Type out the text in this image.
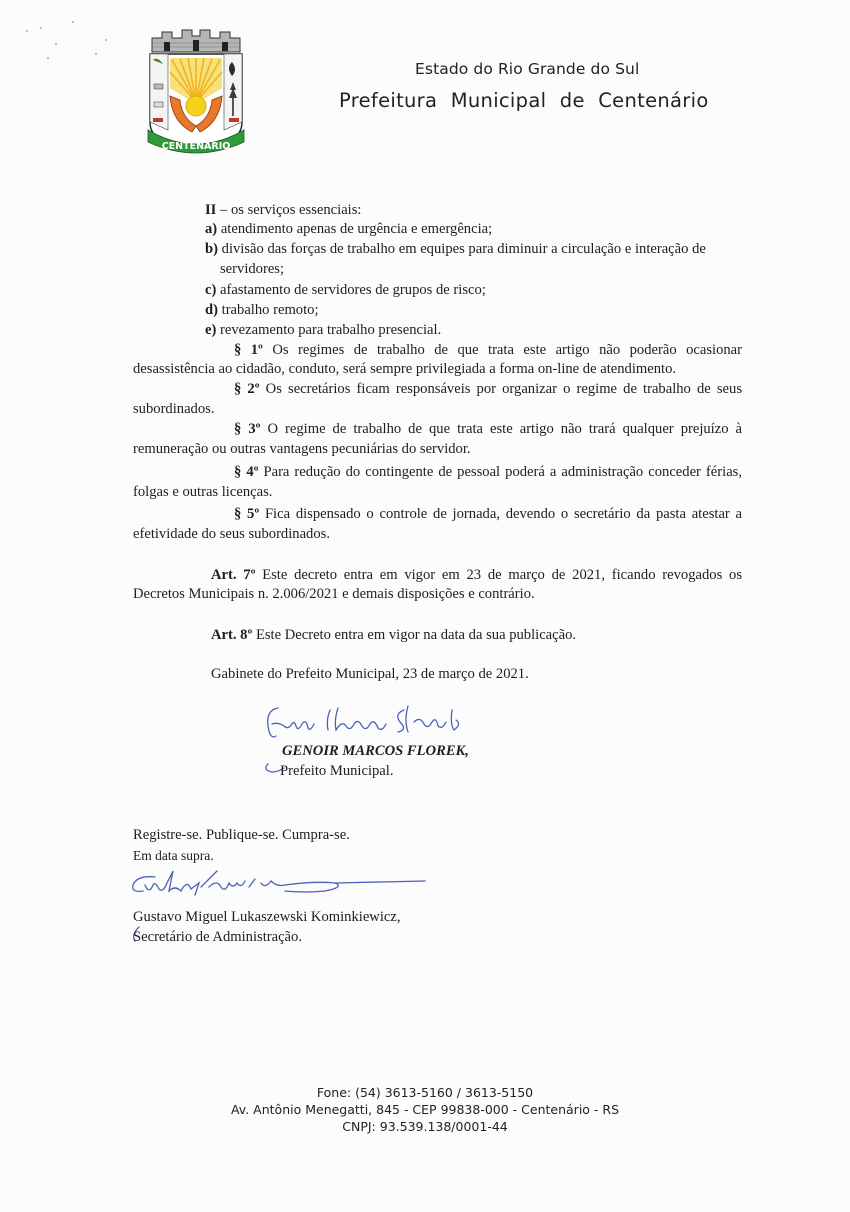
CENTENÁRIO
Estado do Rio Grande do Sul
Prefeitura Municipal de Centenário
II – os serviços essenciais:
a) atendimento apenas de urgência e emergência;
b) divisão das forças de trabalho em equipes para diminuir a circulação e interação de
servidores;
c) afastamento de servidores de grupos de risco;
d) trabalho remoto;
e) revezamento para trabalho presencial.
§ 1º Os regimes de trabalho de que trata este artigo não poderão ocasionar
desassistência ao cidadão, conduto, será sempre privilegiada a forma on-line de atendimento.
§ 2º Os secretários ficam responsáveis por organizar o regime de trabalho de seus
subordinados.
§ 3º O regime de trabalho de que trata este artigo não trará qualquer prejuízo à
remuneração ou outras vantagens pecuniárias do servidor.
§ 4º Para redução do contingente de pessoal poderá a administração conceder férias,
folgas e outras licenças.
§ 5º Fica dispensado o controle de jornada, devendo o secretário da pasta atestar a
efetividade do seus subordinados.
Art. 7º Este decreto entra em vigor em 23 de março de 2021, ficando revogados os
Decretos Municipais n. 2.006/2021 e demais disposições e contrário.
Art. 8º Este Decreto entra em vigor na data da sua publicação.
Gabinete do Prefeito Municipal, 23 de março de 2021.
GENOIR MARCOS FLOREK,
Prefeito Municipal.
Registre-se. Publique-se. Cumpra-se.
Em data supra.
Gustavo Miguel Lukaszewski Kominkiewicz,
Secretário de Administração.
Fone: (54) 3613-5160 / 3613-5150
Av. Antônio Menegatti, 845 - CEP 99838-000 - Centenário - RS
CNPJ: 93.539.138/0001-44
